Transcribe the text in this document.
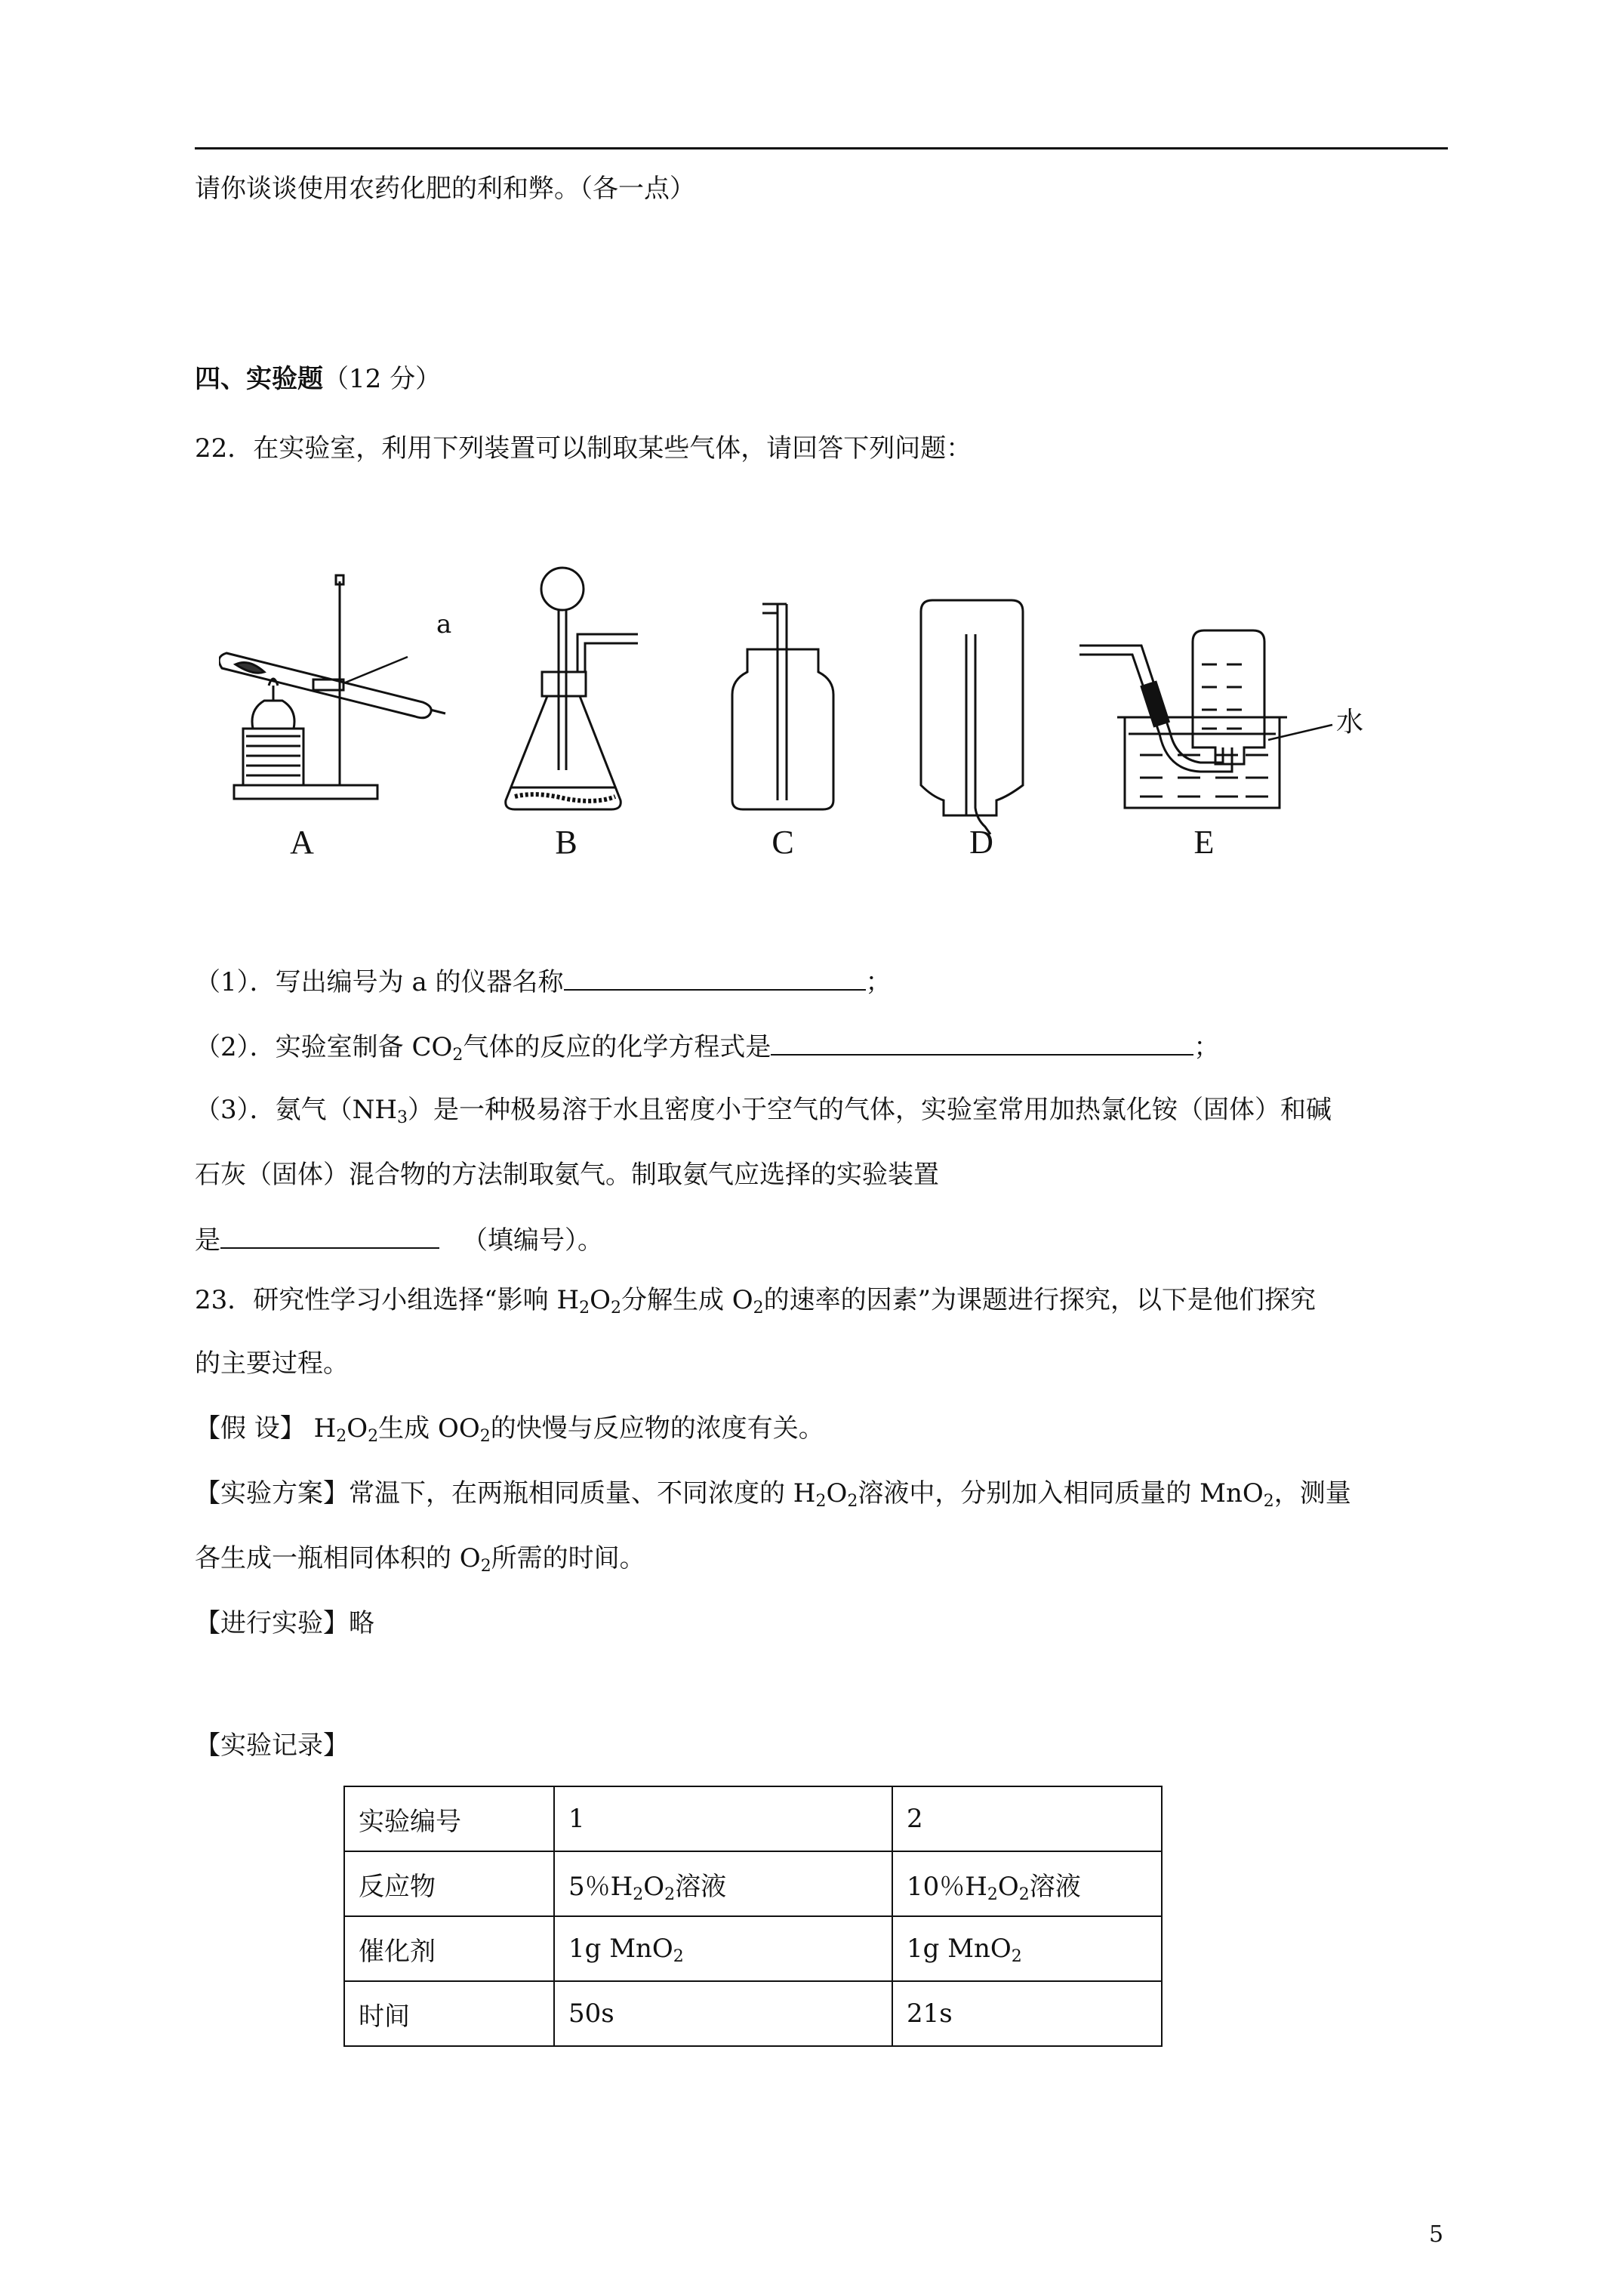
请你谈谈使用农药化肥的利和弊。（各一点）
四、实验题（12 分）
22．在实验室，利用下列装置可以制取某些气体，请回答下列问题：
a
A	B	C	D
水
E
（1）．写出编号为 a 的仪器名称	；
（2）．实验室制备 $CO_2$气体的反应的化学方程式是	；
（3）．氨气$(NH_3)$是一种极易溶于水且密度小于空气的气体，实验室常用加热氯化铵（固体）和碱
石灰（固体）混合物的方法制取氨气。制取氨气应选择的实验装置
是	（填编号）。
23．研究性学习小组选择“影响 $H_2O_2$分解生成 $O_2$的速率的因素”为课题进行探究，以下是他们探究
的主要过程。
【假 设】 $H_2O_2$生成 $OO_2$的快慢与反应物的浓度有关。
【实验方案】常温下，在两瓶相同质量、不同浓度的 $H_2O_2$溶液中，分别加入相同质量的 MnO$_2$，测量
各生成一瓶相同体积的 $O_2$所需的时间。
【进行实验】略
【实验记录】
实验编号	1	2
反应物	5％$H_2O_2$溶液	10％$H_2O_2$溶液
催化剂	1g MnO$_2$	1g MnO$_2$
时间	50s	21s
5
